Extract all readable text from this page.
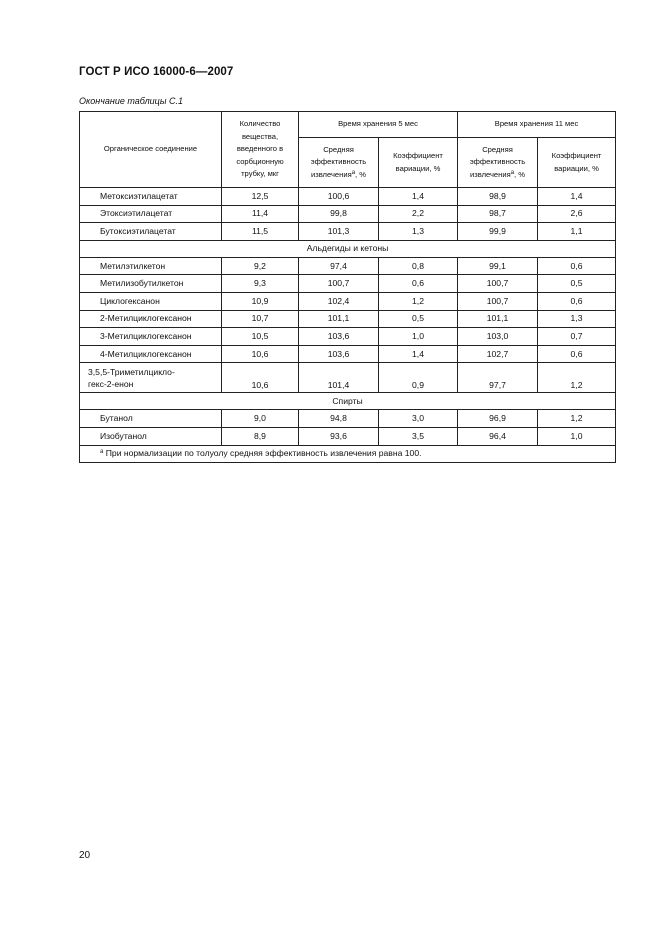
ГОСТ Р ИСО 16000-6—2007
Окончание таблицы С.1
Органическое соединение	Количество вещества, введенного в сорбционную трубку, мкг	Время хранения 5 мес		Время хранения 11 мес	
		Средняя эффективность извлечения$^a$, %	Коэффициент вариации, %	Средняя эффективность извлечения$^a$, %	Коэффициент вариации, %
Метоксиэтилацетат	12,5	100,6	1,4	98,9	1,4
Этоксиэтилацетат	11,4	99,8	2,2	98,7	2,6
Бутоксиэтилацетат	11,5	101,3	1,3	99,9	1,1
Альдегиды и кетоны					
Метилэтилкетон	9,2	97,4	0,8	99,1	0,6
Метилизобутилкетон	9,3	100,7	0,6	100,7	0,5
Циклогексанон	10,9	102,4	1,2	100,7	0,6
2-Метилциклогексанон	10,7	101,1	0,5	101,1	1,3
3-Метилциклогексанон	10,5	103,6	1,0	103,0	0,7
4-Метилциклогексанон	10,6	103,6	1,4	102,7	0,6
3,5,5-Триметилцикло-
гекс-2-енон	10,6	101,4	0,9	97,7	1,2
Спирты					
Бутанол	9,0	94,8	3,0	96,9	1,2
Изобутанол	8,9	93,6	3,5	96,4	1,0
$^a$ При нормализации по толуолу средняя эффективность извлечения равна 100.					
20
